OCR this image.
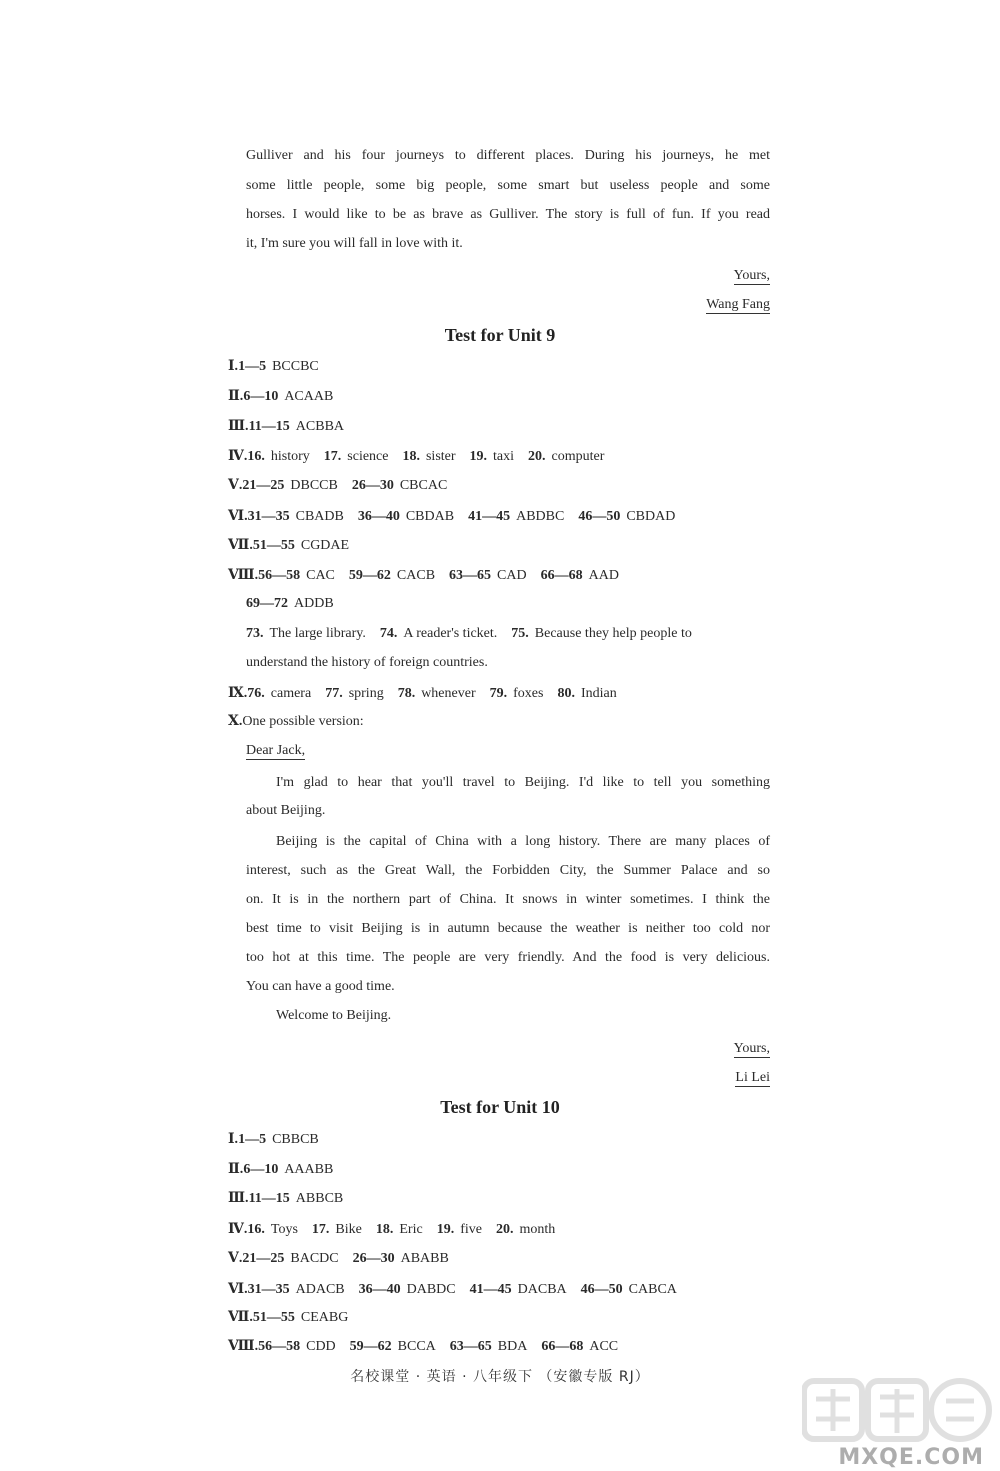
Gulliver and his four journeys to different places. During his journeys, he met
some little people, some big people, some smart but useless people and some
horses. I would like to be as brave as Gulliver. The story is full of fun. If you read
it, I'm sure you will fall in love with it.
Yours,
Wang Fang
Test for Unit 9
Ⅰ.1—5 BCCBC
Ⅱ.6—10 ACAAB
Ⅲ.11—15 ACBBA
Ⅳ.16. history 17. science 18. sister 19. taxi 20. computer
Ⅴ.21—25 DBCCB 26—30 CBCAC
Ⅵ.31—35 CBADB 36—40 CBDAB 41—45 ABDBC 46—50 CBDAD
Ⅶ.51—55 CGDAE
Ⅷ.56—58 CAC 59—62 CACB 63—65 CAD 66—68 AAD
69—72 ADDB
73. The large library. 74. A reader's ticket. 75. Because they help people to
understand the history of foreign countries.
Ⅸ.76. camera 77. spring 78. whenever 79. foxes 80. Indian
Ⅹ.One possible version:
Dear Jack,
I'm glad to hear that you'll travel to Beijing. I'd like to tell you something
about Beijing.
Beijing is the capital of China with a long history. There are many places of
interest, such as the Great Wall, the Forbidden City, the Summer Palace and so
on. It is in the northern part of China. It snows in winter sometimes. I think the
best time to visit Beijing is in autumn because the weather is neither too cold nor
too hot at this time. The people are very friendly. And the food is very delicious.
You can have a good time.
Welcome to Beijing.
Yours,
Li Lei
Test for Unit 10
Ⅰ.1—5 CBBCB
Ⅱ.6—10 AAABB
Ⅲ.11—15 ABBCB
Ⅳ.16. Toys 17. Bike 18. Eric 19. five 20. month
Ⅴ.21—25 BACDC 26—30 ABABB
Ⅵ.31—35 ADACB 36—40 DABDC 41—45 DACBA 46—50 CABCA
Ⅶ.51—55 CEABG
Ⅷ.56—58 CDD 59—62 BCCA 63—65 BDA 66—68 ACC
名校课堂 · 英语 · 八年级下 （安徽专版 RJ）
MXQE.COM
